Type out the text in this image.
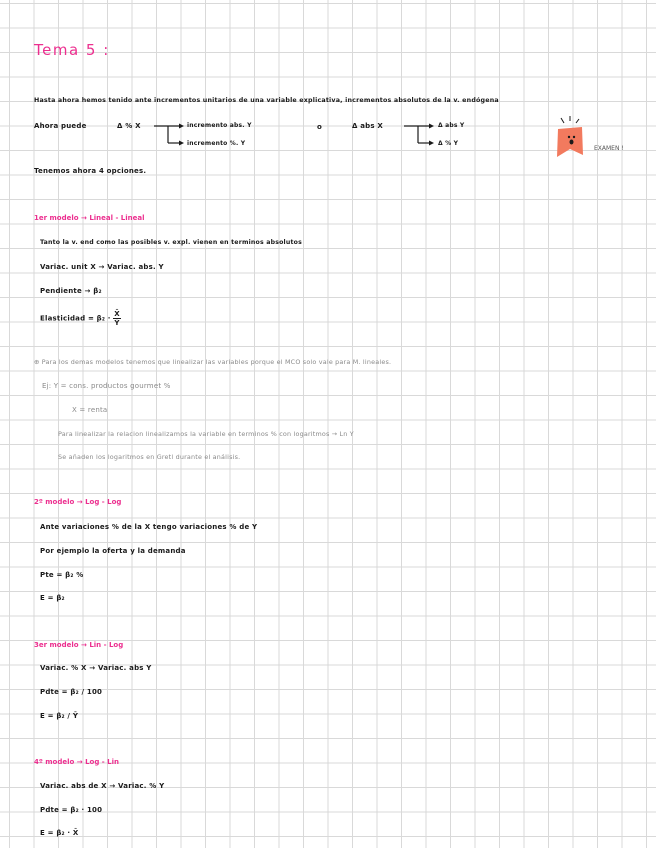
Tema 5 :
Hasta ahora hemos tenido ante incrementos unitarios de una variable explicativa, incrementos absolutos de la v. endógena
Ahora puede	Δ % X	incremento abs. Y
incremento %. Y
o	Δ abs X	Δ abs Y
Δ % Y
EXAMEN !
Tenemos ahora 4 opciones.
1er modelo → Lineal - Lineal
Tanto la v. end como las posibles v. expl. vienen en terminos absolutos
Variac. unit X → Variac. abs. Y
Pendiente → β₂
Elasticidad = $\beta_2 \cdot \frac{X̄}{Ȳ}$
⊕ Para los demas modelos tenemos que linealizar las variables porque el MCO solo vale para M. lineales.
Ej: Y = cons. productos gourmet %
X = renta
Para linealizar la relacion linealizamos la variable en terminos % con logaritmos → Ln Y
Se añaden los logaritmos en Gretl durante el análisis.
2º modelo → Log - Log
Ante variaciones % de la X tengo variaciones % de Y
Por ejemplo la oferta y la demanda
Pte = β₂ %
E = β₂
3er modelo → Lin - Log
Variac. % X → Variac. abs Y
Pdte = β₂ / 100
E = β₂ / Ȳ
4º modelo → Log - Lin
Variac. abs de X → Variac. % Y
Pdte = β₂ · 100
E = β₂ · X̄
